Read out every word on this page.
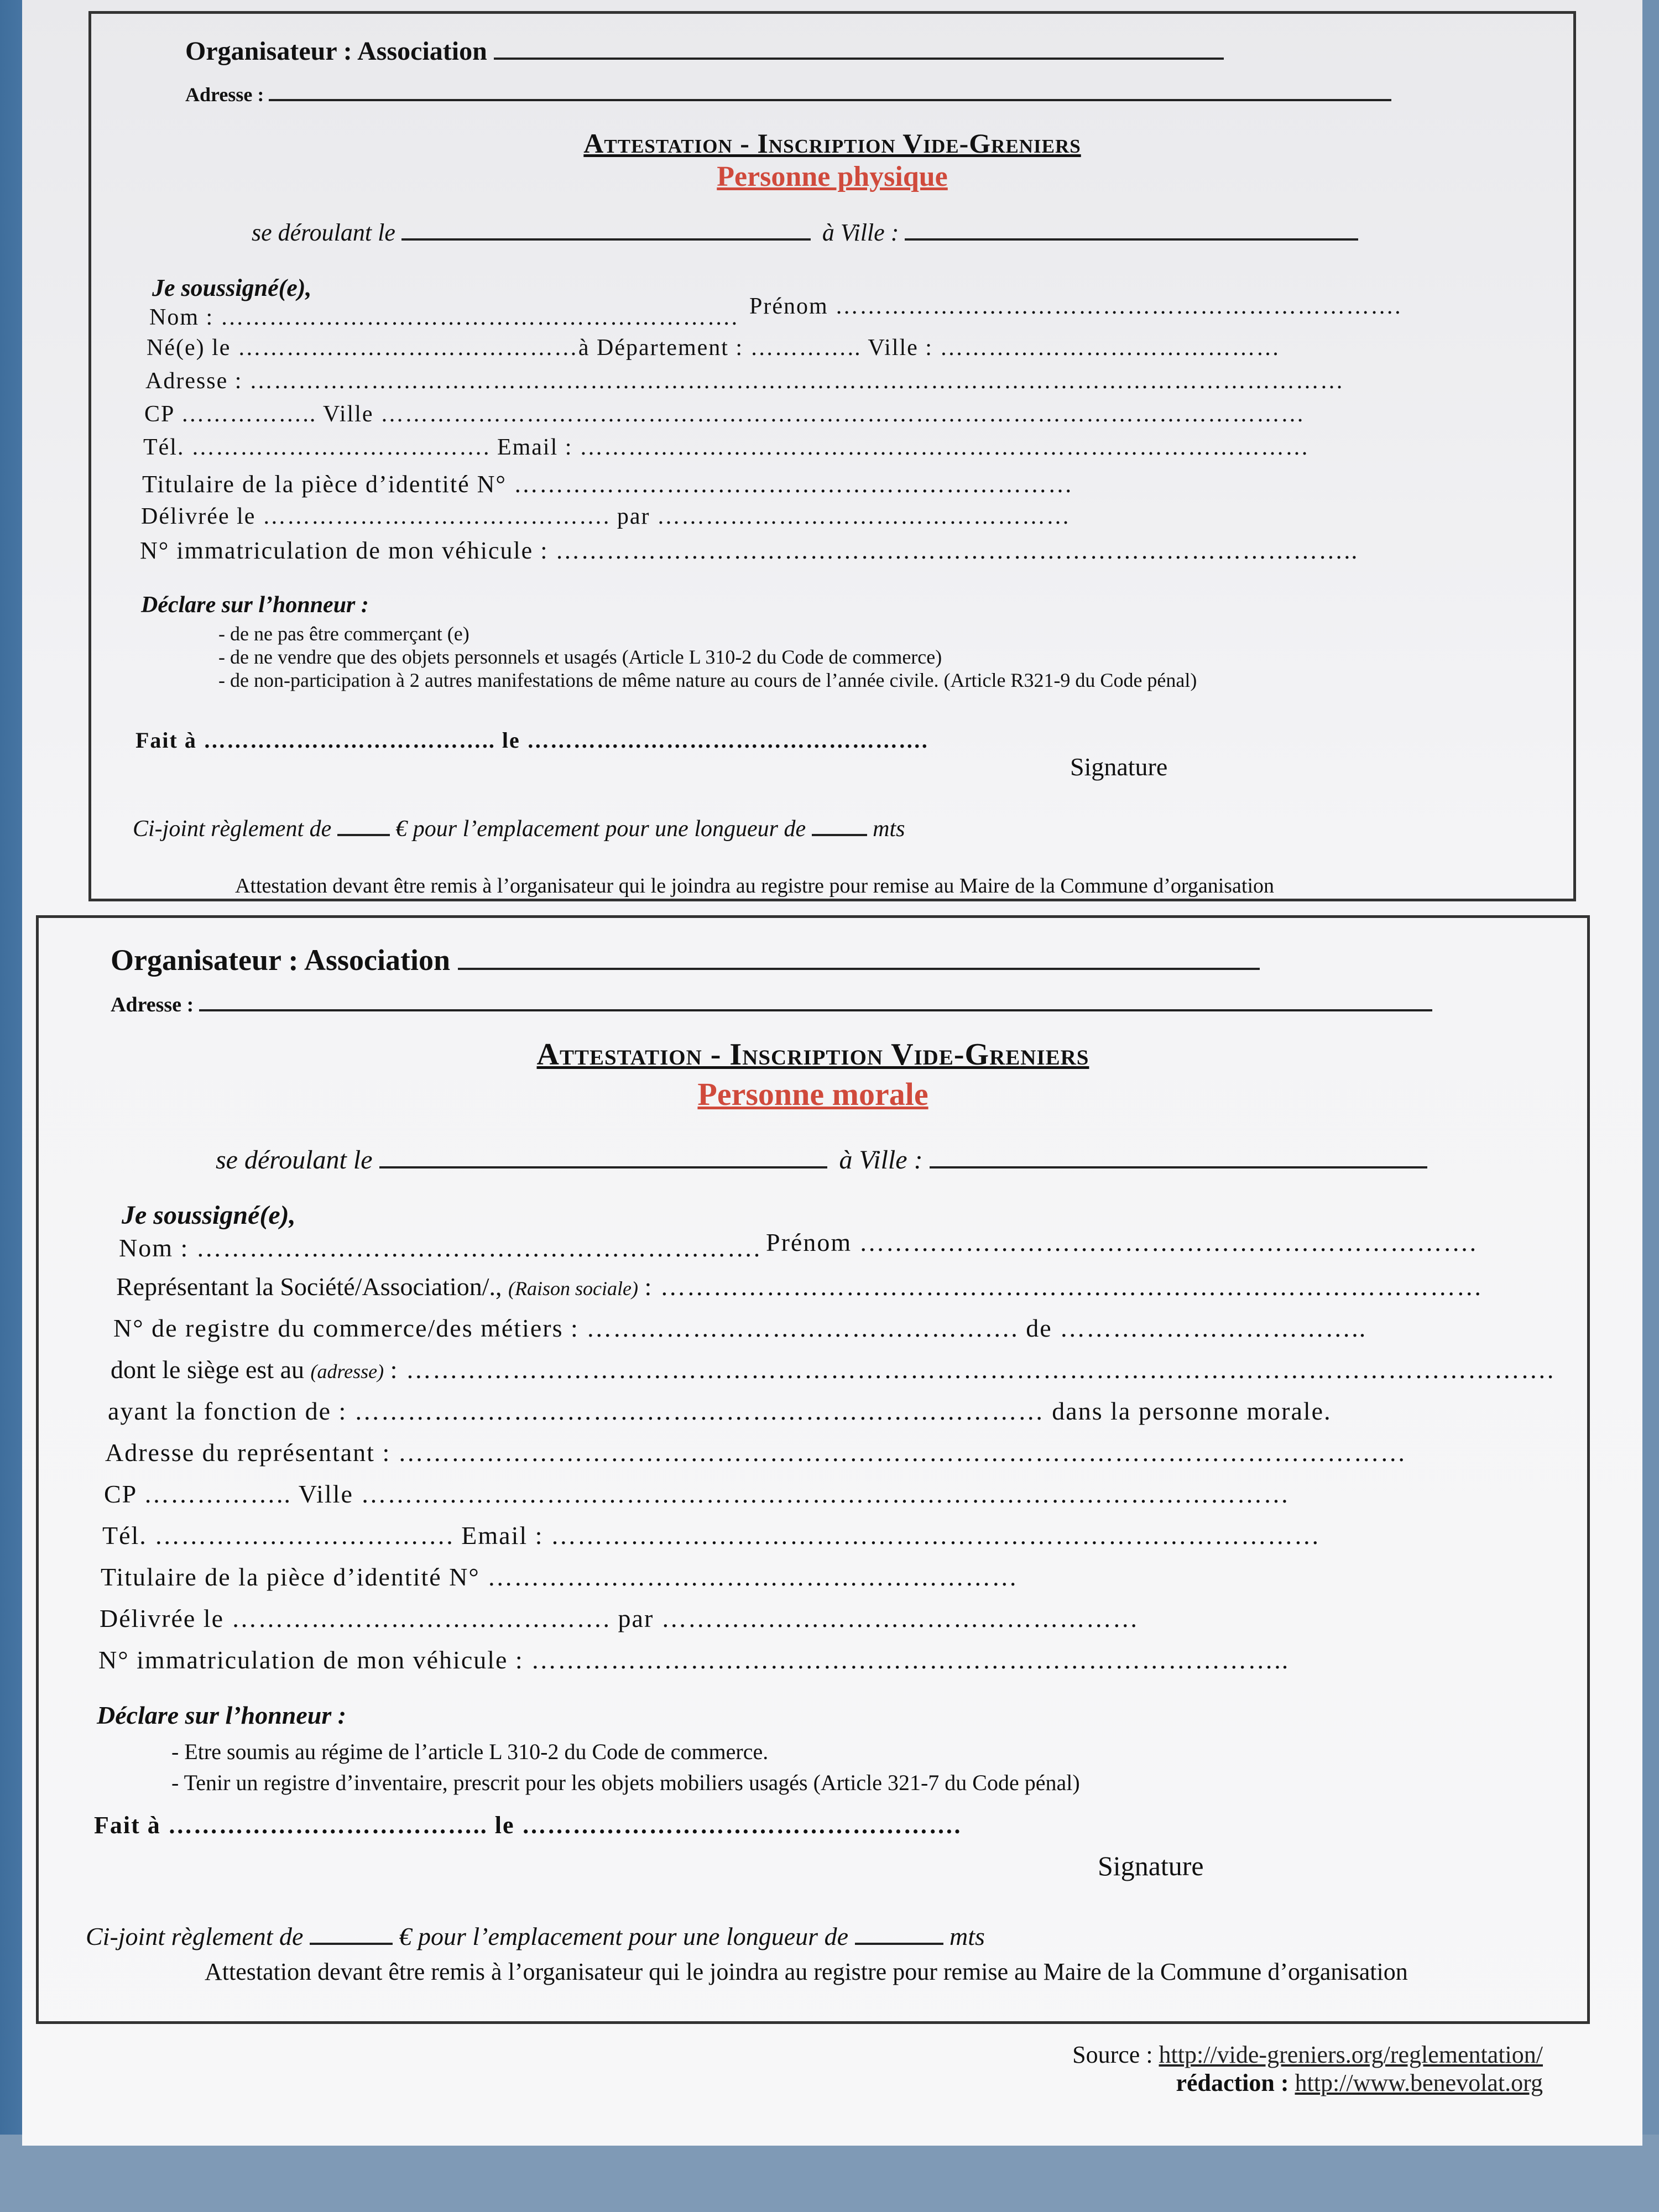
Organisateur : Association
Adresse :
Attestation - Inscription Vide-Greniers
Personne physique
se déroulant le	à Ville :
Je soussigné(e),
Nom : ………………………………………………………. Prénom …………………………………………………………….
Né(e) le ……………………………………à Département : ………….. Ville : ……………………………………
Adresse : ………………………………………………………………………………………………………………………
CP …………….. Ville ……………………………………………………………………………………………………
Tél. ………………………………. Email : ………………………………………………………………………………
Titulaire de la pièce d’identité N° …………………………………………………………
Délivrée le ……………………………………. par ……………………………………………
N° immatriculation de mon véhicule : …………………………………………………………………………………..
Déclare sur l’honneur :
- de ne pas être commerçant (e)
- de ne vendre que des objets personnels et usagés (Article L 310-2 du Code de commerce)
- de non-participation à 2 autres manifestations de même nature au cours de l’année civile. (Article R321-9 du Code pénal)
Fait à ……………………………….. le …………………………………………….
Signature
Ci-joint règlement de	€ pour l’emplacement pour une longueur de	mts
Attestation devant être remis à l’organisateur qui le joindra au registre pour remise au Maire de la Commune d’organisation
Organisateur : Association
Adresse :
Attestation - Inscription Vide-Greniers
Personne morale
se déroulant le	à Ville :
Je soussigné(e),
Nom : ………………………………………………………. Prénom …………………………………………………………….
Représentant la Société/Association/., (Raison sociale) : …………………………………………………………………………………
N° de registre du commerce/des métiers : …………………………………………. de ……………………………..
dont le siège est au (adresse) : ………………………………………………………………………………………………………………….
ayant la fonction de : …………………………………………………………………… dans la personne morale.
Adresse du représentant : ……………………………………………………………………………………………………
CP …………….. Ville ……………………………………………………………………………………………
Tél. ……………………………. Email : ……………………………………………………………………………
Titulaire de la pièce d’identité N° ……………………………………………………
Délivrée le ……………………………………. par ………………………………………………
N° immatriculation de mon véhicule : …………………………………………………………………………..
Déclare sur l’honneur :
- Etre soumis au régime de l’article L 310-2 du Code de commerce.
- Tenir un registre d’inventaire, prescrit pour les objets mobiliers usagés (Article 321-7 du Code pénal)
Fait à ……………………………….. le …………………………………………….
Signature
Ci-joint règlement de	€ pour l’emplacement pour une longueur de	mts
Attestation devant être remis à l’organisateur qui le joindra au registre pour remise au Maire de la Commune d’organisation
Source : http://vide-greniers.org/reglementation/
rédaction : http://www.benevolat.org
